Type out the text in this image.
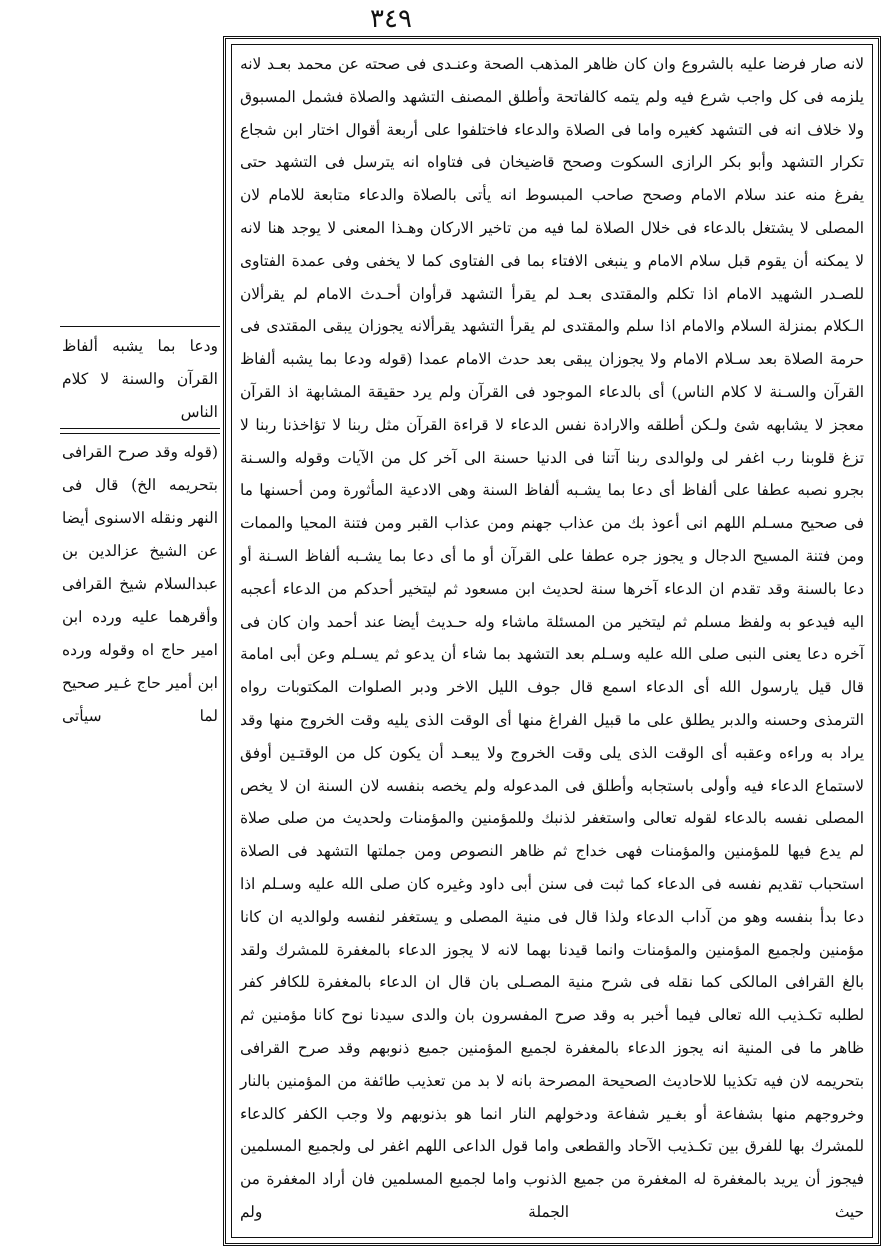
٣٤٩

ودعا بما يشبه ألفاظ القرآن والسنة لا كلام الناس

(قوله وقد صرح القرافى بتحريمه الخ) قال فى النهر ونقله الاسنوى أيضا عن الشيخ عزالدين بن عبدالسلام شيخ القرافى وأقرهما عليه ورده ابن امير حاج اه وقوله ورده ابن أمير حاج غـير صحيح لما سيأتى

لانه صار فرضا عليه بالشروع وان كان ظاهر المذهب الصحة وعنـدى فى صحته عن محمد بعـد لانه يلزمه فى كل واجب شرع فيه ولم يتمه كالفاتحة وأطلق المصنف التشهد والصلاة فشمل المسبوق ولا خلاف انه فى التشهد كغيره واما فى الصلاة والدعاء فاختلفوا على أربعة أقوال اختار ابن شجاع تكرار التشهد وأبو بكر الرازى السكوت وصحح قاضيخان فى فتاواه انه يترسل فى التشهد حتى يفرغ منه عند سلام الامام وصحح صاحب المبسوط انه يأتى بالصلاة والدعاء متابعة للامام لان المصلى لا يشتغل بالدعاء فى خلال الصلاة لما فيه من تاخير الاركان وهـذا المعنى لا يوجد هنا لانه لا يمكنه أن يقوم قبل سلام الامام و ينبغى الافتاء بما فى الفتاوى كما لا يخفى وفى عمدة الفتاوى للصـدر الشهيد الامام اذا تكلم والمقتدى بعـد لم يقرأ التشهد قرأوان أحـدث الامام لم يقرألان الـكلام بمنزلة السلام والامام اذا سلم والمقتدى لم يقرأ التشهد يقرألانه يجوزان يبقى المقتدى فى حرمة الصلاة بعد سـلام الامام ولا يجوزان يبقى بعد حدث الامام عمدا (قوله ودعا بما يشبه ألفاظ القرآن والسـنة لا كلام الناس) أى بالدعاء الموجود فى القرآن ولم يرد حقيقة المشابهة اذ القرآن معجز لا يشابهه شئ ولـكن أطلقه والارادة نفس الدعاء لا قراءة القرآن مثل ربنا لا تؤاخذنا ربنا لا تزغ قلوبنا رب اغفر لى ولوالدى ربنا آتنا فى الدنيا حسنة الى آخر كل من الآيات وقوله والسـنة بجرو نصبه عطفا على ألفاظ أى دعا بما يشـبه ألفاظ السنة وهى الادعية المأثورة ومن أحسنها ما فى صحيح مسـلم اللهم انى أعوذ بك من عذاب جهنم ومن عذاب القبر ومن فتنة المحيا والممات ومن فتنة المسيح الدجال و يجوز جره عطفا على القرآن أو ما أى دعا بما يشـبه ألفاظ السـنة أو دعا بالسنة وقد تقدم ان الدعاء آخرها سنة لحديث ابن مسعود ثم ليتخير أحدكم من الدعاء أعجبه اليه فيدعو به ولفظ مسلم ثم ليتخير من المسئلة ماشاء وله حـديث أيضا عند أحمد وان كان فى آخره دعا يعنى النبى صلى الله عليه وسـلم بعد التشهد بما شاء أن يدعو ثم يسـلم وعن أبى امامة قال قيل يارسول الله أى الدعاء اسمع قال جوف الليل الاخر ودبر الصلوات المكتوبات رواه الترمذى وحسنه والدبر يطلق على ما قبيل الفراغ منها أى الوقت الذى يليه وقت الخروج منها وقد يراد به وراءه وعقبه أى الوقت الذى يلى وقت الخروج ولا يبعـد أن يكون كل من الوقتـين أوفق لاستماع الدعاء فيه وأولى باستجابه وأطلق فى المدعوله ولم يخصه بنفسه لان السنة ان لا يخص المصلى نفسه بالدعاء لقوله تعالى واستغفر لذنبك وللمؤمنين والمؤمنات ولحديث من صلى صلاة لم يدع فيها للمؤمنين والمؤمنات فهى خداج ثم ظاهر النصوص ومن جملتها التشهد فى الصلاة استحباب تقديم نفسه فى الدعاء كما ثبت فى سنن أبى داود وغيره كان صلى الله عليه وسـلم اذا دعا بدأ بنفسه وهو من آداب الدعاء ولذا قال فى منية المصلى و يستغفر لنفسه ولوالديه ان كانا مؤمنين ولجميع المؤمنين والمؤمنات وانما قيدنا بهما لانه لا يجوز الدعاء بالمغفرة للمشرك ولقد بالغ القرافى المالكى كما نقله فى شرح منية المصـلى بان قال ان الدعاء بالمغفرة للكافر كفر لطلبه تكـذيب الله تعالى فيما أخبر به وقد صرح المفسرون بان والدى سيدنا نوح كانا مؤمنين ثم ظاهر ما فى المنية انه يجوز الدعاء بالمغفرة لجميع المؤمنين جميع ذنوبهم وقد صرح القرافى بتحريمه لان فيه تكذيبا للاحاديث الصحيحة المصرحة بانه لا بد من تعذيب طائفة من المؤمنين بالنار وخروجهم منها بشفاعة أو بغـير شفاعة ودخولهم النار انما هو بذنوبهم ولا وجب الكفر كالدعاء للمشرك بها للفرق بين تكـذيب الآحاد والقطعى واما قول الداعى اللهم اغفر لى ولجميع المسلمين فيجوز أن يريد بالمغفرة له المغفرة من جميع الذنوب واما لجميع المسلمين فان أراد المغفرة من حيث الجملة ولم
